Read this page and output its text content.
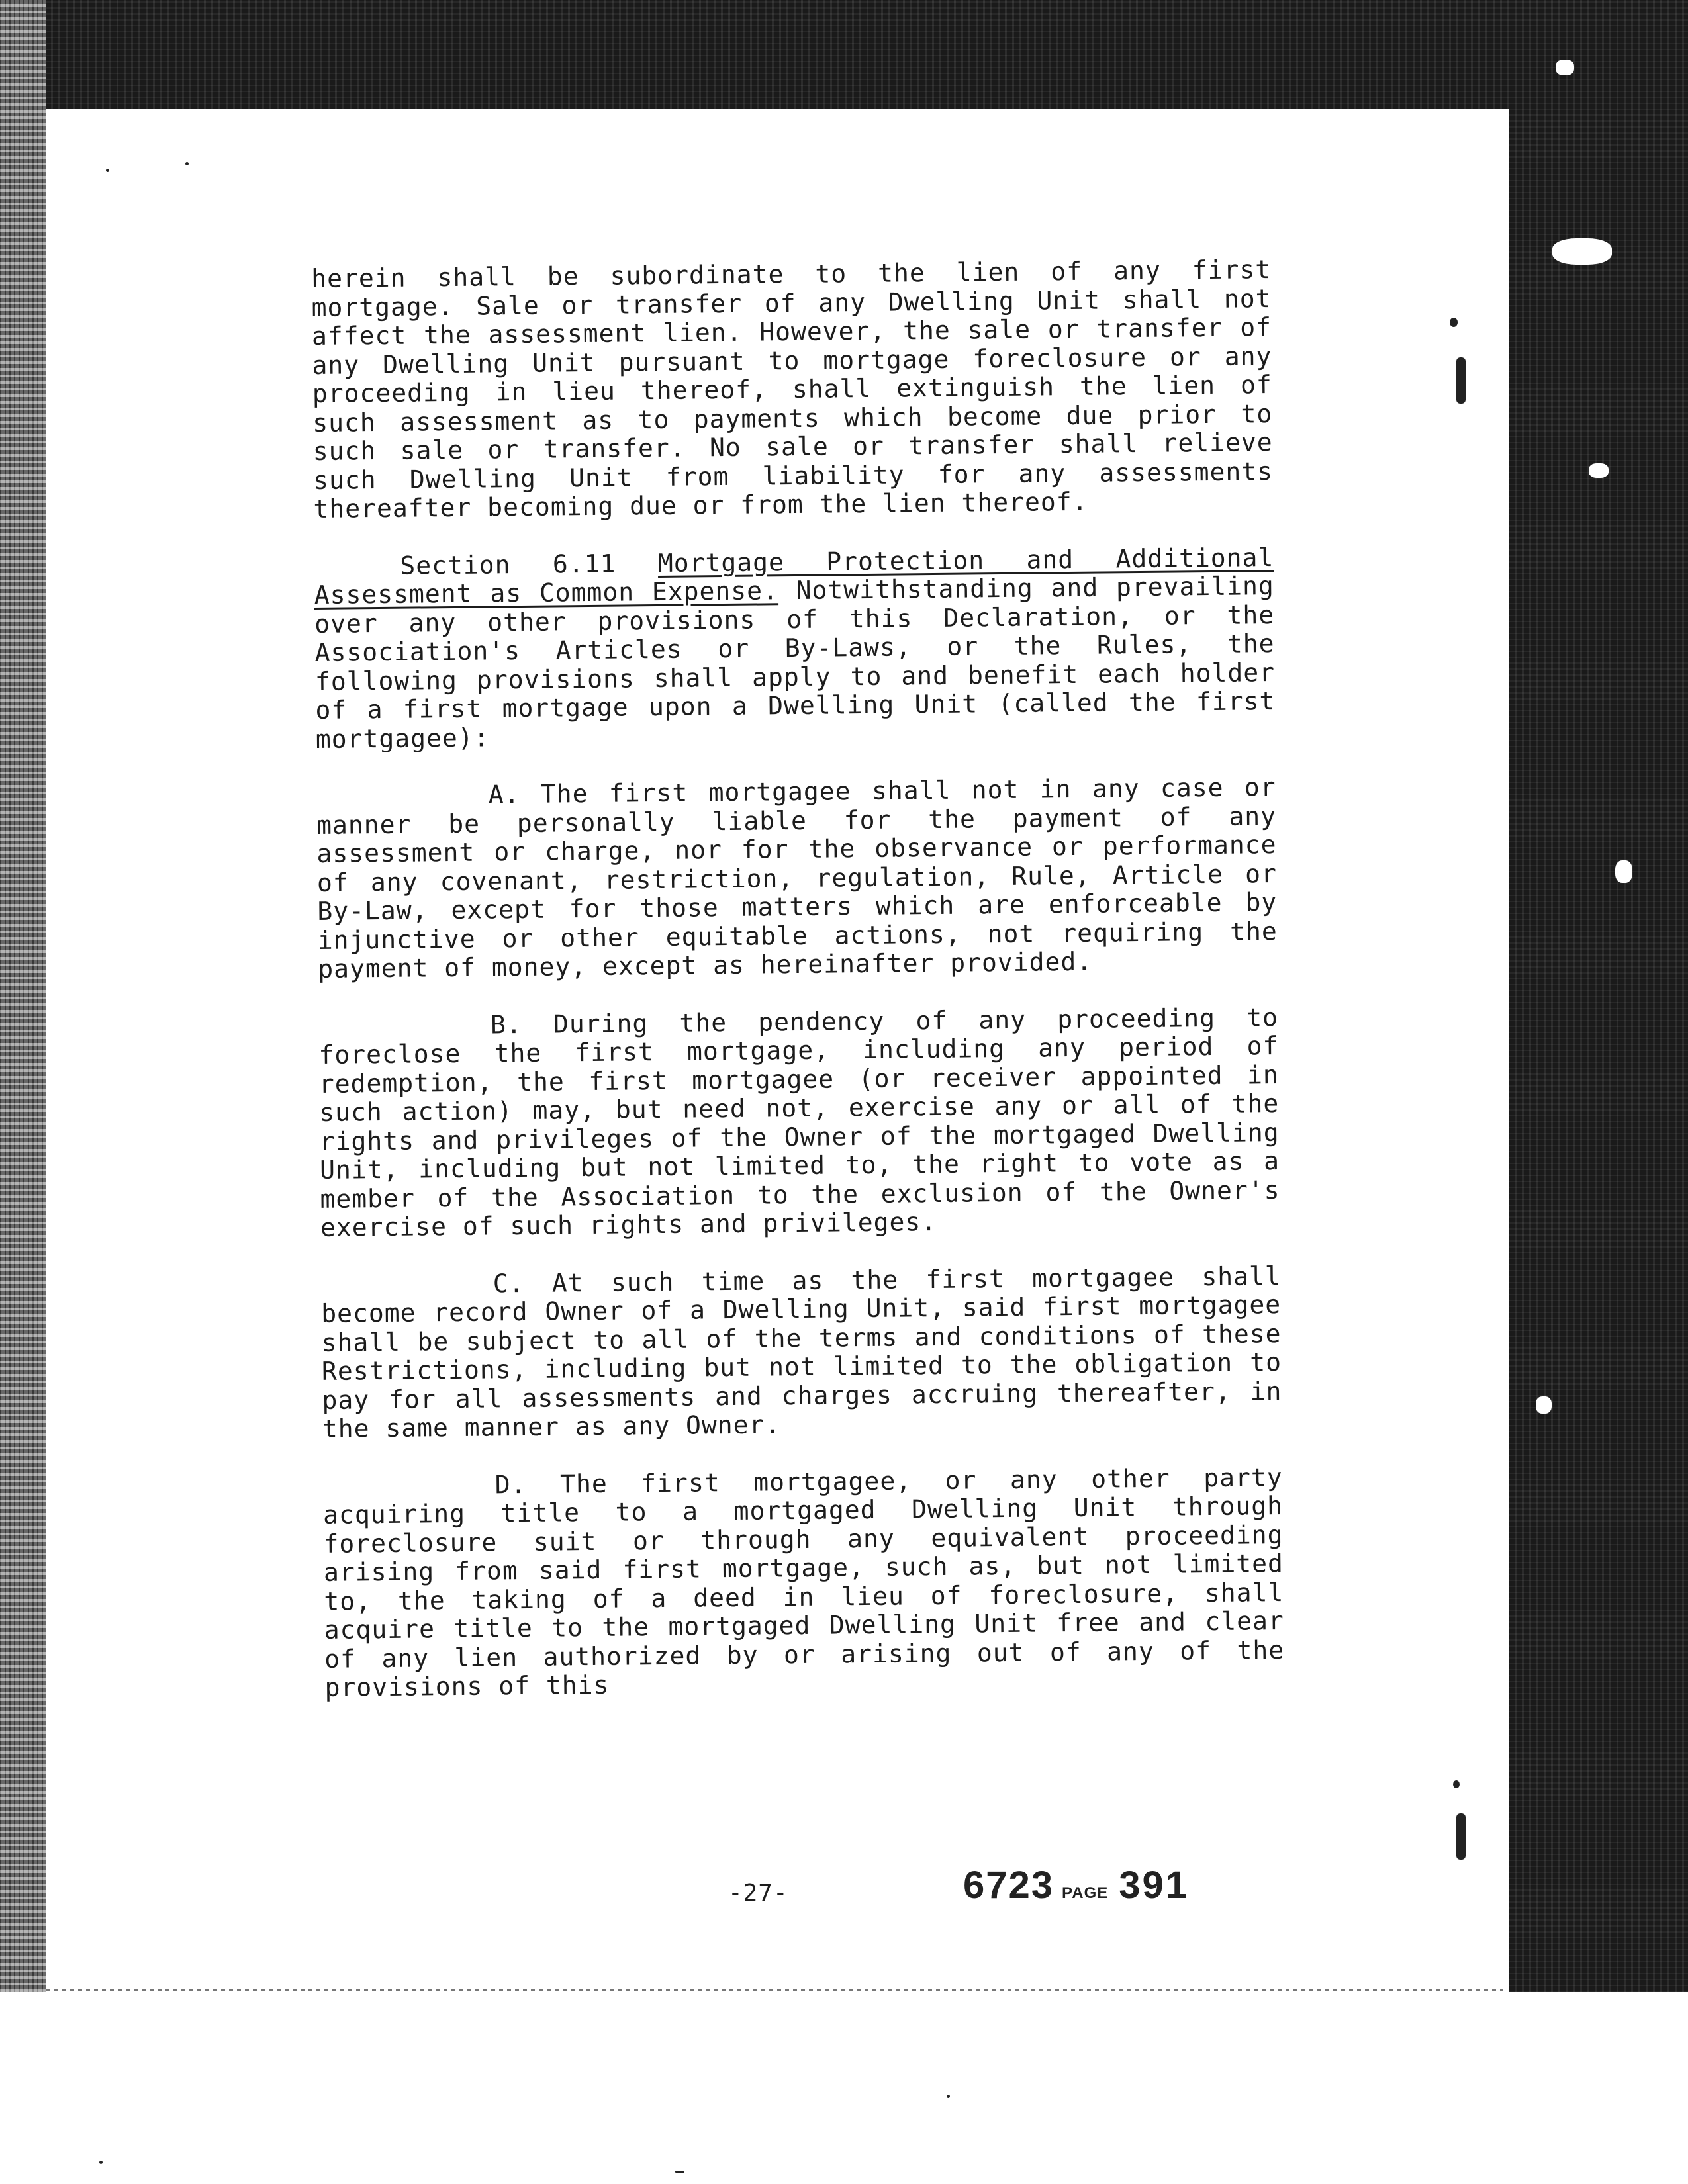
herein shall be subordinate to the lien of any first mortgage. Sale or transfer of any Dwelling Unit shall not affect the assessment lien. However, the sale or transfer of any Dwelling Unit pursuant to mortgage foreclosure or any proceeding in lieu thereof, shall extinguish the lien of such assessment as to payments which become due prior to such sale or transfer. No sale or transfer shall relieve such Dwelling Unit from liability for any assessments thereafter becoming due or from the lien thereof.

Section 6.11 Mortgage Protection and Additional Assessment as Common Expense. Notwithstanding and prevailing over any other provisions of this Declaration, or the Association's Articles or By-Laws, or the Rules, the following provisions shall apply to and benefit each holder of a first mortgage upon a Dwelling Unit (called the first mortgagee):

A. The first mortgagee shall not in any case or manner be personally liable for the payment of any assessment or charge, nor for the observance or performance of any covenant, restriction, regulation, Rule, Article or By-Law, except for those matters which are enforceable by injunctive or other equitable actions, not requiring the payment of money, except as hereinafter provided.

B. During the pendency of any proceeding to foreclose the first mortgage, including any period of redemption, the first mortgagee (or receiver appointed in such action) may, but need not, exercise any or all of the rights and privileges of the Owner of the mortgaged Dwelling Unit, including but not limited to, the right to vote as a member of the Association to the exclusion of the Owner's exercise of such rights and privileges.

C. At such time as the first mortgagee shall become record Owner of a Dwelling Unit, said first mortgagee shall be subject to all of the terms and conditions of these Restrictions, including but not limited to the obligation to pay for all assessments and charges accruing thereafter, in the same manner as any Owner.

D. The first mortgagee, or any other party acquiring title to a mortgaged Dwelling Unit through foreclosure suit or through any equivalent proceeding arising from said first mortgage, such as, but not limited to, the taking of a deed in lieu of foreclosure, shall acquire title to the mortgaged Dwelling Unit free and clear of any lien authorized by or arising out of any of the provisions of this

-27-	6723 PAGE 391
